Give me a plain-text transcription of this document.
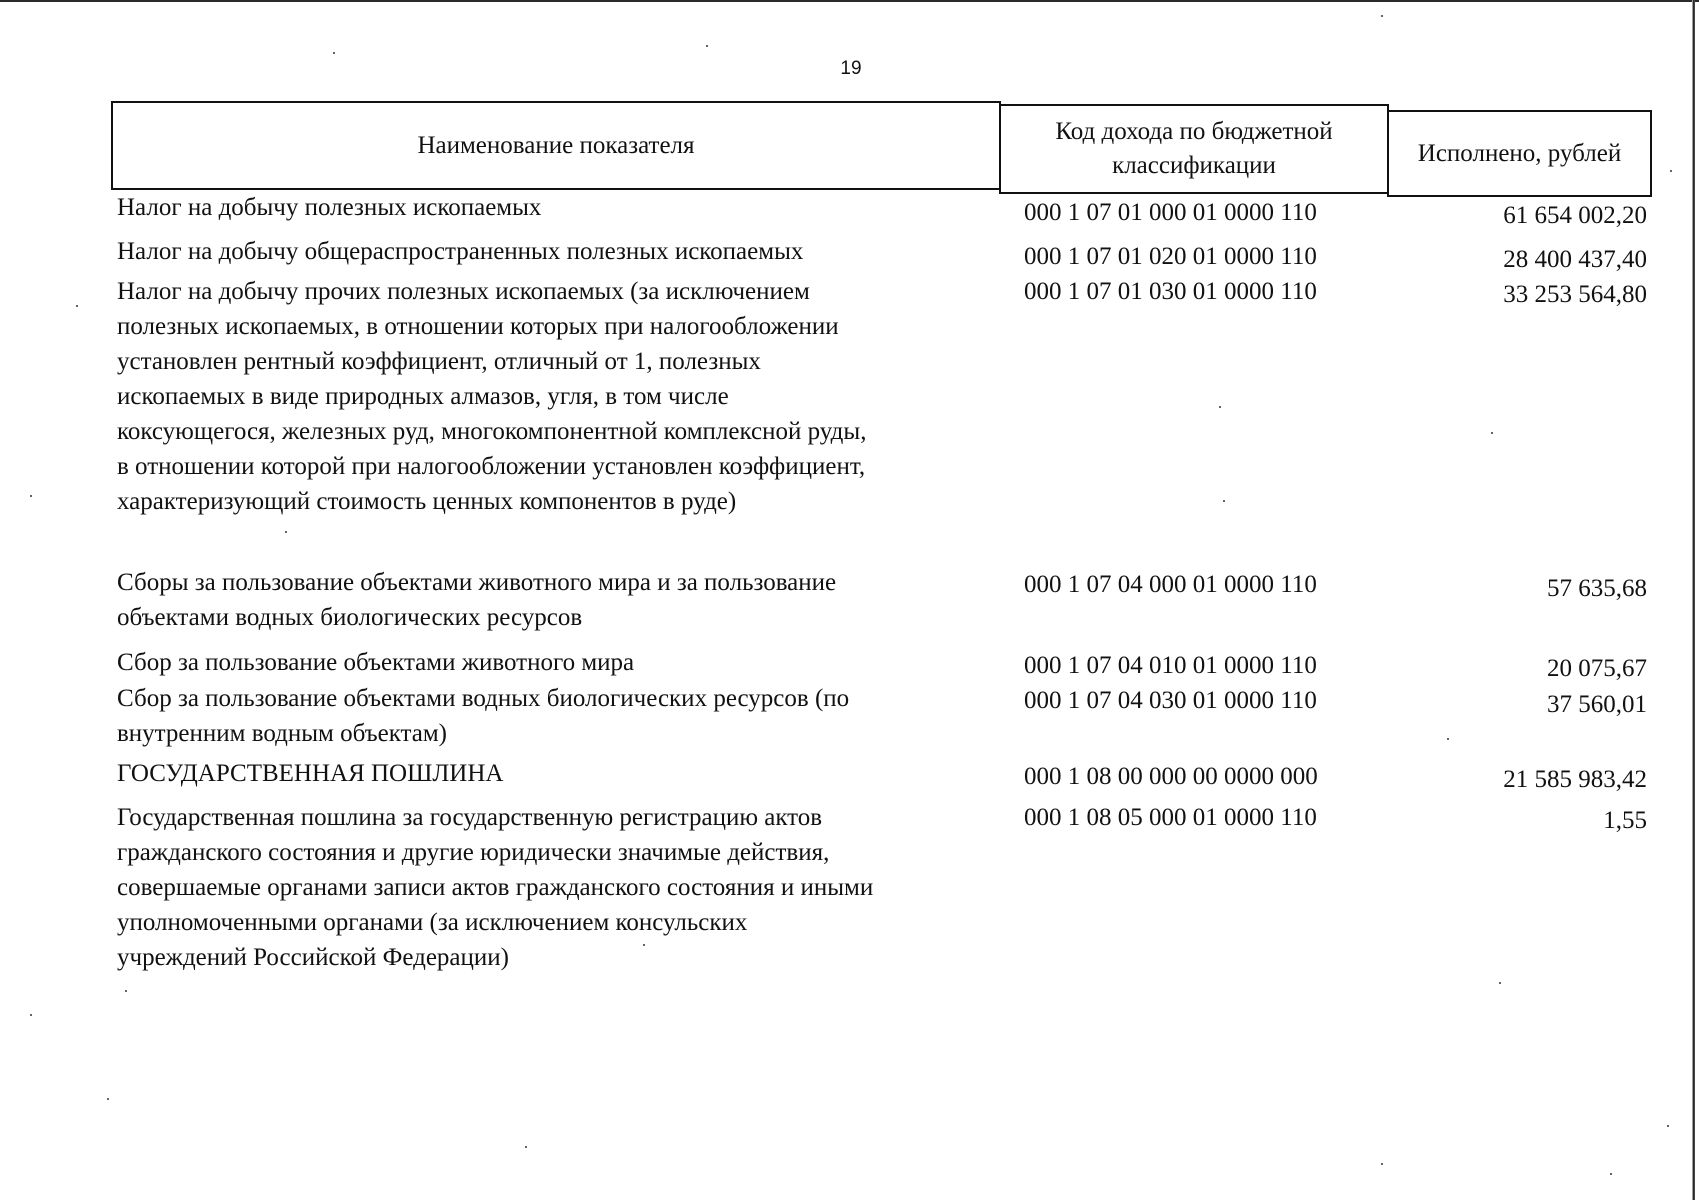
19
Наименование показателя	Код дохода по бюджетной классификации	Исполнено, рублей
Налог на добычу полезных ископаемых	000 1 07 01 000 01 0000 110	61 654 002,20
Налог на добычу общераспространенных полезных ископаемых	000 1 07 01 020 01 0000 110	28 400 437,40
Налог на добычу прочих полезных ископаемых (за исключением
полезных ископаемых, в отношении которых при налогообложении
установлен рентный коэффициент, отличный от 1, полезных
ископаемых в виде природных алмазов, угля, в том числе
коксующегося, железных руд, многокомпонентной комплексной руды,
в отношении которой при налогообложении установлен коэффициент,
характеризующий стоимость ценных компонентов в руде)
000 1 07 01 030 01 0000 110	33 253 564,80
Сборы за пользование объектами животного мира и за пользование
объектами водных биологических ресурсов
000 1 07 04 000 01 0000 110	57 635,68
Сбор за пользование объектами животного мира	000 1 07 04 010 01 0000 110	20 075,67
Сбор за пользование объектами водных биологических ресурсов (по
внутренним водным объектам)
000 1 07 04 030 01 0000 110	37 560,01
ГОСУДАРСТВЕННАЯ ПОШЛИНА	000 1 08 00 000 00 0000 000	21 585 983,42
Государственная пошлина за государственную регистрацию актов
гражданского состояния и другие юридически значимые действия,
совершаемые органами записи актов гражданского состояния и иными
уполномоченными органами (за исключением консульских
учреждений Российской Федерации)
000 1 08 05 000 01 0000 110	1,55
